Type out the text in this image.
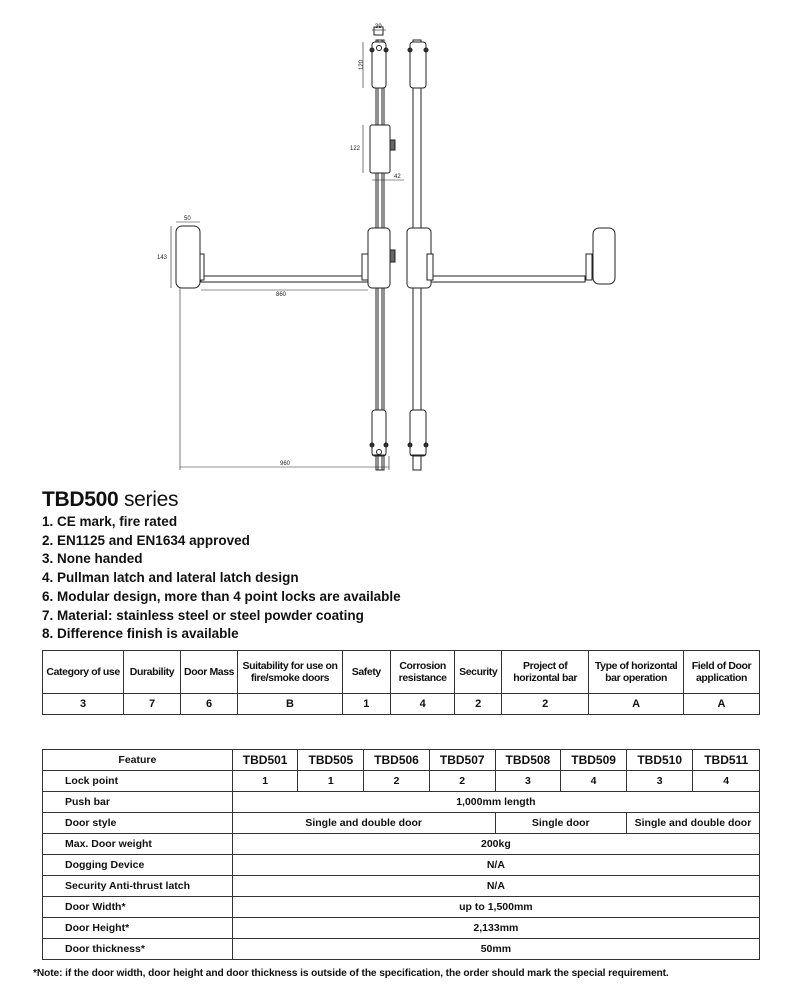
39
120
122
42
50
143
860
960
TBD500 series
1. CE mark, fire rated
2. EN1125 and EN1634 approved
3. None handed
4. Pullman latch and lateral latch design
6. Modular design, more than 4 point locks are available
7. Material: stainless steel or steel powder coating
8. Difference finish is available
Category of use	Durability	Door Mass	Suitability for use on fire/smoke doors	Safety	Corrosion resistance	Security	Project of horizontal bar	Type of horizontal bar operation	Field of Door application
3	7	6	B	1	4	2	2	A	A
Feature	TBD501	TBD505	TBD506	TBD507	TBD508	TBD509	TBD510	TBD511
Lock point	1	1	2	2	3	4	3	4
Push bar	1,000mm length							
Door style	Single and double door				Single door		Single and double door	
Max. Door weight	200kg							
Dogging Device	N/A							
Security Anti-thrust latch	N/A							
Door Width*	up to 1,500mm							
Door Height*	2,133mm							
Door thickness*	50mm							
*Note: if the door width, door height and door thickness is outside of the specification, the order should mark the special requirement.
